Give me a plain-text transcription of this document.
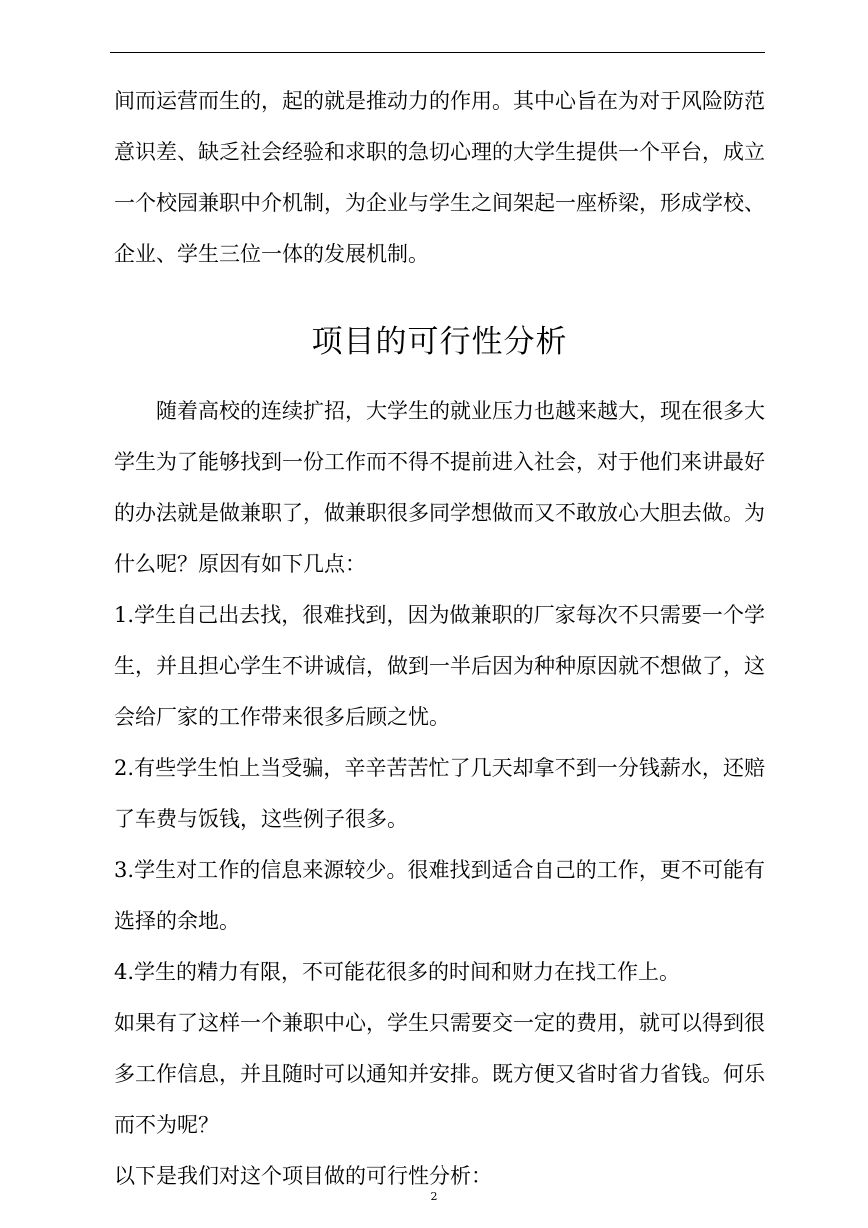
间而运营而生的，起的就是推动力的作用。其中心旨在为对于风险防范意识差、缺乏社会经验和求职的急切心理的大学生提供一个平台，成立一个校园兼职中介机制，为企业与学生之间架起一座桥梁，形成学校、企业、学生三位一体的发展机制。

项目的可行性分析

随着高校的连续扩招，大学生的就业压力也越来越大，现在很多大学生为了能够找到一份工作而不得不提前进入社会，对于他们来讲最好的办法就是做兼职了，做兼职很多同学想做而又不敢放心大胆去做。为什么呢？原因有如下几点：

1.学生自己出去找，很难找到，因为做兼职的厂家每次不只需要一个学生，并且担心学生不讲诚信，做到一半后因为种种原因就不想做了，这会给厂家的工作带来很多后顾之忧。

2.有些学生怕上当受骗，辛辛苦苦忙了几天却拿不到一分钱薪水，还赔了车费与饭钱，这些例子很多。

3.学生对工作的信息来源较少。很难找到适合自己的工作，更不可能有选择的余地。

4.学生的精力有限，不可能花很多的时间和财力在找工作上。

如果有了这样一个兼职中心，学生只需要交一定的费用，就可以得到很多工作信息，并且随时可以通知并安排。既方便又省时省力省钱。何乐而不为呢？

以下是我们对这个项目做的可行性分析：

2
